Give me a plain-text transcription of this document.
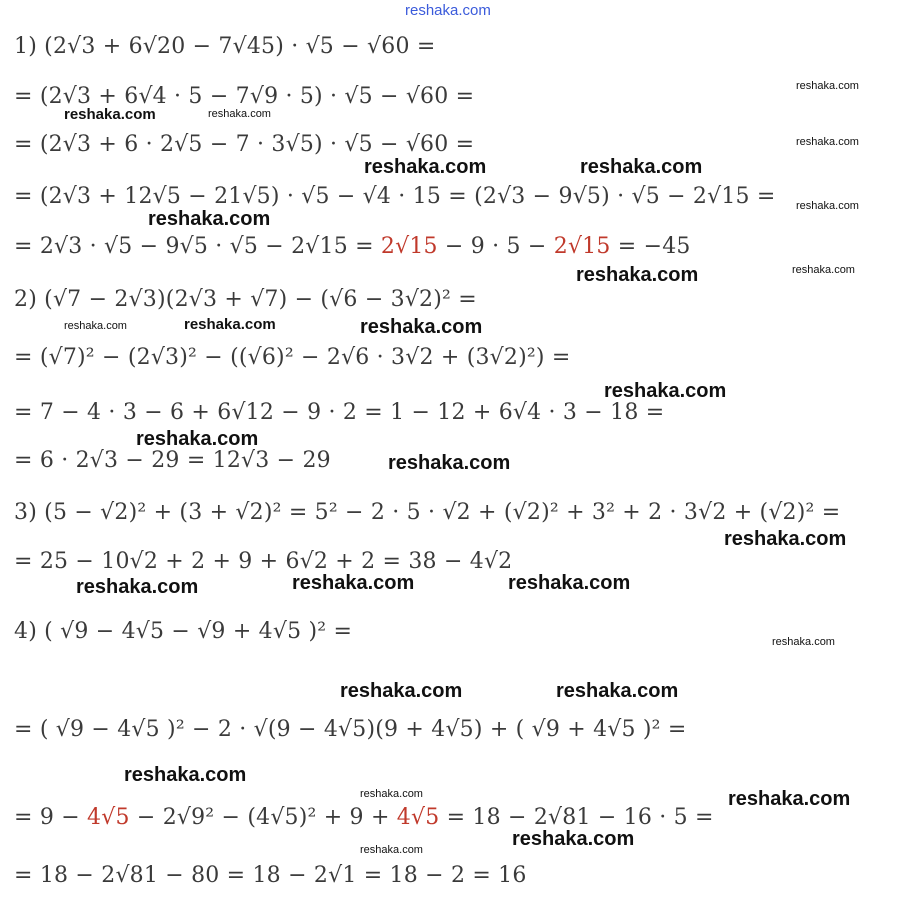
reshaka.com
1) (2√3 + 6√20 − 7√45) · √5 − √60 =
= (2√3 + 6√4 · 5 − 7√9 · 5) · √5 − √60 =
= (2√3 + 6 · 2√5 − 7 · 3√5) · √5 − √60 =
= (2√3 + 12√5 − 21√5) · √5 − √4 · 15 = (2√3 − 9√5) · √5 − 2√15 =
= 2√3 · √5 − 9√5 · √5 − 2√15 = 2√15 − 9 · 5 − 2√15 = −45
2) (√7 − 2√3)(2√3 + √7) − (√6 − 3√2)² =
= (√7)² − (2√3)² − ((√6)² − 2√6 · 3√2 + (3√2)²) =
= 7 − 4 · 3 − 6 + 6√12 − 9 · 2 = 1 − 12 + 6√4 · 3 − 18 =
= 6 · 2√3 − 29 = 12√3 − 29
3) (5 − √2)² + (3 + √2)² = 5² − 2 · 5 · √2 + (√2)² + 3² + 2 · 3√2 + (√2)² =
= 25 − 10√2 + 2 + 9 + 6√2 + 2 = 38 − 4√2
4) ( √9 − 4√5 − √9 + 4√5 )² =
= ( √9 − 4√5 )² − 2 · √(9 − 4√5)(9 + 4√5) + ( √9 + 4√5 )² =
= 9 − 4√5 − 2√9² − (4√5)² + 9 + 4√5 = 18 − 2√81 − 16 · 5 =
= 18 − 2√81 − 80 = 18 − 2√1 = 18 − 2 = 16
reshaka.com
reshaka.com	reshaka.com
reshaka.com
reshaka.com	reshaka.com
reshaka.com
reshaka.com
reshaka.com	reshaka.com
reshaka.com	reshaka.com	reshaka.com
reshaka.com
reshaka.com
reshaka.com
reshaka.com
reshaka.com	reshaka.com	reshaka.com
reshaka.com
reshaka.com	reshaka.com
reshaka.com
reshaka.com	reshaka.com
reshaka.com
reshaka.com
